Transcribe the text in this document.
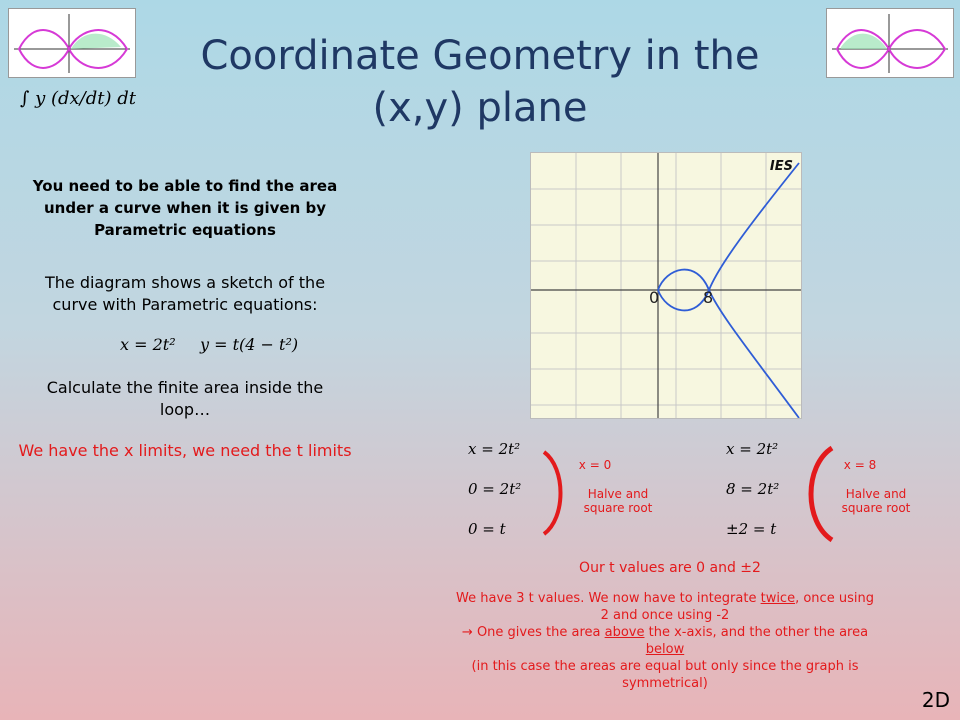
Coordinate Geometry in the (x,y) plane
∫ y (dx/dt) dt
You need to be able to find the area under a curve when it is given by Parametric equations
The diagram shows a sketch of the curve with Parametric equations:
x = 2t² y = t(4 − t²)
Calculate the finite area inside the loop…
We have the x limits, we need the t limits
IES
0	8
x = 2t²
0 = 2t²
0 = t
x = 0
Halve and square root
x = 2t²
8 = 2t²
±2 = t
x = 8
Halve and square root
Our t values are 0 and ±2
We have 3 t values. We now have to integrate twice, once using 2 and once using -2
→ One gives the area above the x-axis, and the other the area below
(in this case the areas are equal but only since the graph is symmetrical)
2D
